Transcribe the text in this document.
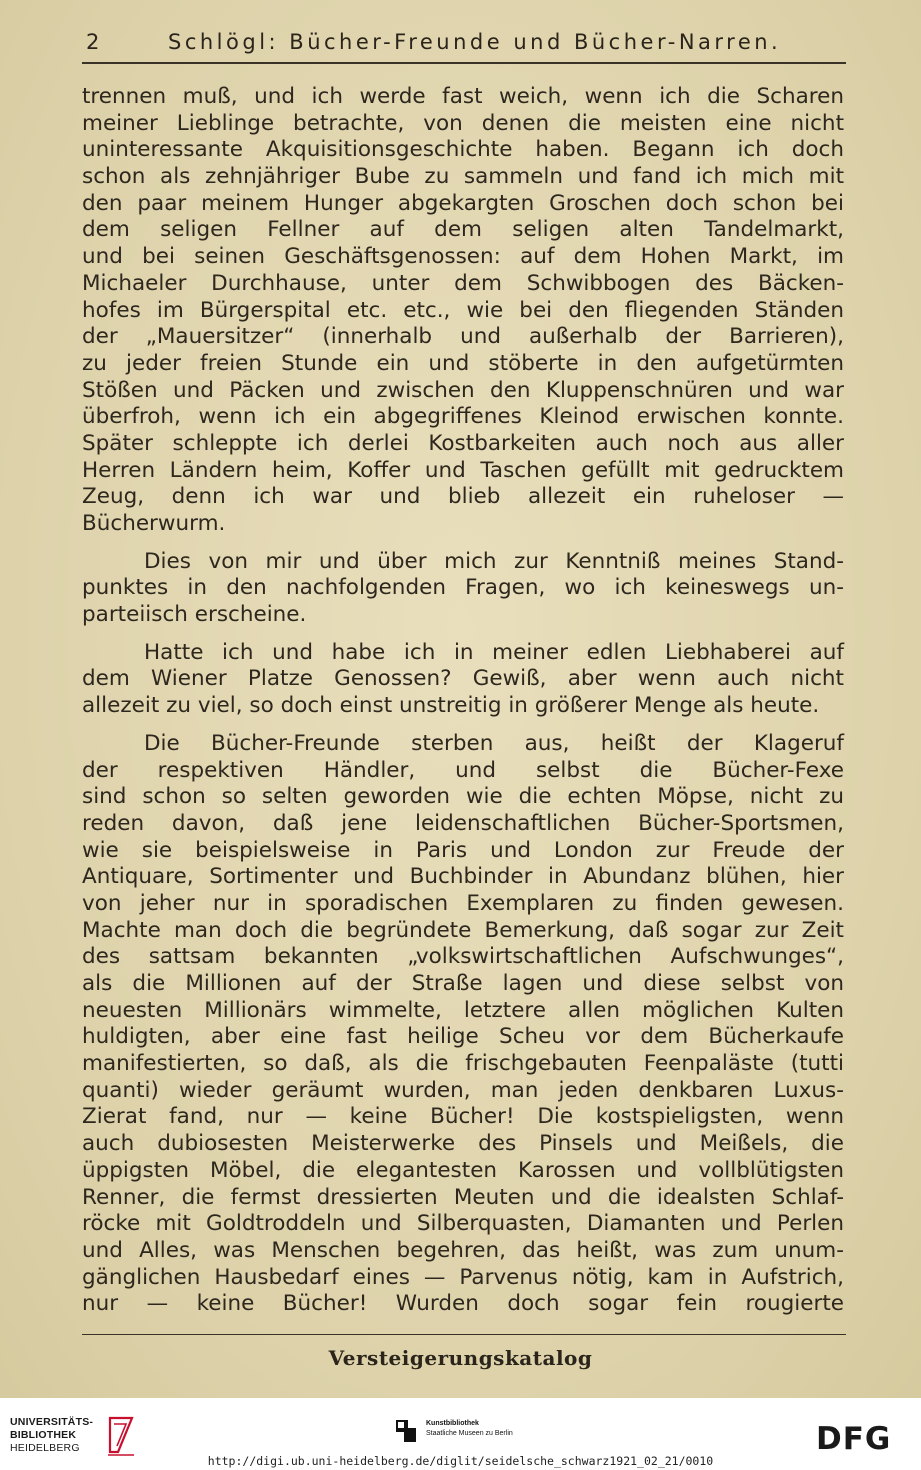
2	Schlögl: Bücher-Freunde und Bücher-Narren.
trennen muß, und ich werde fast weich, wenn ich die Scharen
meiner Lieblinge betrachte, von denen die meisten eine nicht
uninteressante Akquisitionsgeschichte haben. Begann ich doch
schon als zehnjähriger Bube zu sammeln und fand ich mich mit
den paar meinem Hunger abgekargten Groschen doch schon bei
dem seligen Fellner auf dem seligen alten Tandelmarkt,
und bei seinen Geschäftsgenossen: auf dem Hohen Markt, im
Michaeler Durchhause, unter dem Schwibbogen des Bäcken-
hofes im Bürgerspital etc. etc., wie bei den fliegenden Ständen
der „Mauersitzer“ (innerhalb und außerhalb der Barrieren),
zu jeder freien Stunde ein und stöberte in den aufgetürmten
Stößen und Päcken und zwischen den Kluppenschnüren und war
überfroh, wenn ich ein abgegriffenes Kleinod erwischen konnte.
Später schleppte ich derlei Kostbarkeiten auch noch aus aller
Herren Ländern heim, Koffer und Taschen gefüllt mit gedrucktem
Zeug, denn ich war und blieb allezeit ein ruheloser —
Bücherwurm.
Dies von mir und über mich zur Kenntniß meines Stand-
punktes in den nachfolgenden Fragen, wo ich keineswegs un-
parteiisch erscheine.
Hatte ich und habe ich in meiner edlen Liebhaberei auf
dem Wiener Platze Genossen? Gewiß, aber wenn auch nicht
allezeit zu viel, so doch einst unstreitig in größerer Menge als heute.
Die Bücher-Freunde sterben aus, heißt der Klageruf
der respektiven Händler, und selbst die Bücher-Fexe
sind schon so selten geworden wie die echten Möpse, nicht zu
reden davon, daß jene leidenschaftlichen Bücher-Sportsmen,
wie sie beispielsweise in Paris und London zur Freude der
Antiquare, Sortimenter und Buchbinder in Abundanz blühen, hier
von jeher nur in sporadischen Exemplaren zu finden gewesen.
Machte man doch die begründete Bemerkung, daß sogar zur Zeit
des sattsam bekannten „volkswirtschaftlichen Aufschwunges“,
als die Millionen auf der Straße lagen und diese selbst von
neuesten Millionärs wimmelte, letztere allen möglichen Kulten
huldigten, aber eine fast heilige Scheu vor dem Bücherkaufe
manifestierten, so daß, als die frischgebauten Feenpaläste (tutti
quanti) wieder geräumt wurden, man jeden denkbaren Luxus-
Zierat fand, nur — keine Bücher! Die kostspieligsten, wenn
auch dubiosesten Meisterwerke des Pinsels und Meißels, die
üppigsten Möbel, die elegantesten Karossen und vollblütigsten
Renner, die fermst dressierten Meuten und die idealsten Schlaf-
röcke mit Goldtroddeln und Silberquasten, Diamanten und Perlen
und Alles, was Menschen begehren, das heißt, was zum unum-
gänglichen Hausbedarf eines — Parvenus nötig, kam in Aufstrich,
nur — keine Bücher! Wurden doch sogar fein rougierte
Versteigerungskatalog
UNIVERSITÄTS-
BIBLIOTHEK
HEIDELBERG
Kunstbibliothek
Staatliche Museen zu Berlin	DFG
http://digi.ub.uni-heidelberg.de/diglit/seidelsche_schwarz1921_02_21/0010
